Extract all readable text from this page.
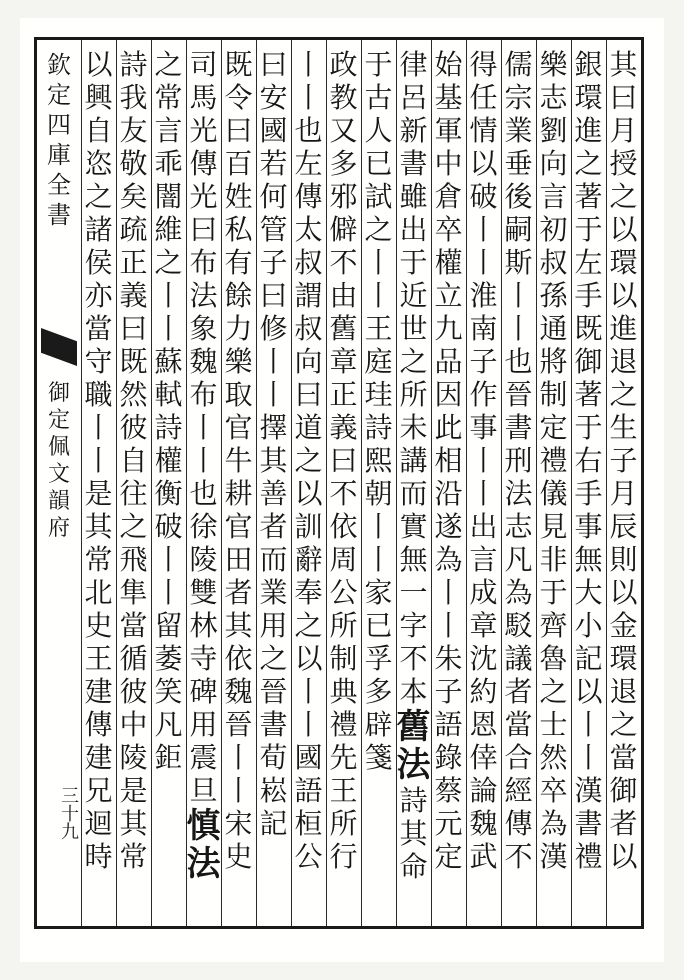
欽
定
四
庫
全
書
御
定
佩
文
韻
府
三十九
其
曰
月
授
之
以
環
以
進
退
之
生
子
月
辰
則
以
金
環
退
之
當
御
者
以
銀
環
進
之
著
于
左
手
既
御
著
于
右
手
事
無
大
小
記
以
丨
丨
漢
書
禮
樂
志
劉
向
言
初
叔
孫
通
將
制
定
禮
儀
見
非
于
齊
魯
之
士
然
卒
為
漢
儒
宗
業
垂
後
嗣
斯
丨
丨
也
晉
書
刑
法
志
凡
為
駁
議
者
當
合
經
傳
不
得
任
情
以
破
丨
丨
淮
南
子
作
事
丨
丨
出
言
成
章
沈
約
恩
倖
論
魏
武
始
基
軍
中
倉
卒
權
立
九
品
因
此
相
沿
遂
為
丨
丨
朱
子
語
錄
蔡
元
定
律
呂
新
書
雖
出
于
近
世
之
所
未
講
而
實
無
一
字
不
本
舊法
詩
其
命
于
古
人
已
試
之
丨
丨
王
庭
珪
詩
熙
朝
丨
丨
家
已
孚
多
辟
箋
政
教
又
多
邪
僻
不
由
舊
章
正
義
曰
不
依
周
公
所
制
典
禮
先
王
所
行
丨
丨
也
左
傳
太
叔
謂
叔
向
曰
道
之
以
訓
辭
奉
之
以
丨
丨
國
語
桓
公
曰
安
國
若
何
管
子
曰
修
丨
丨
擇
其
善
者
而
業
用
之
晉
書
荀
崧
記
既
令
曰
百
姓
私
有
餘
力
樂
取
官
牛
耕
官
田
者
其
依
魏
晉
丨
丨
宋
史
司
馬
光
傳
光
曰
布
法
象
魏
布
丨
丨
也
徐
陵
雙
林
寺
碑
用
震
旦
慎法
之
常
言
乖
闇
維
之
丨
丨
蘇
軾
詩
權
衡
破
丨
丨
留
萎
笑
凡
鉅
詩
我
友
敬
矣
疏
正
義
曰
既
然
彼
自
往
之
飛
隼
當
循
彼
中
陵
是
其
常
以
興
自
恣
之
諸
侯
亦
當
守
職
丨
丨
是
其
常
北
史
王
建
傳
建
兄
迴
時
